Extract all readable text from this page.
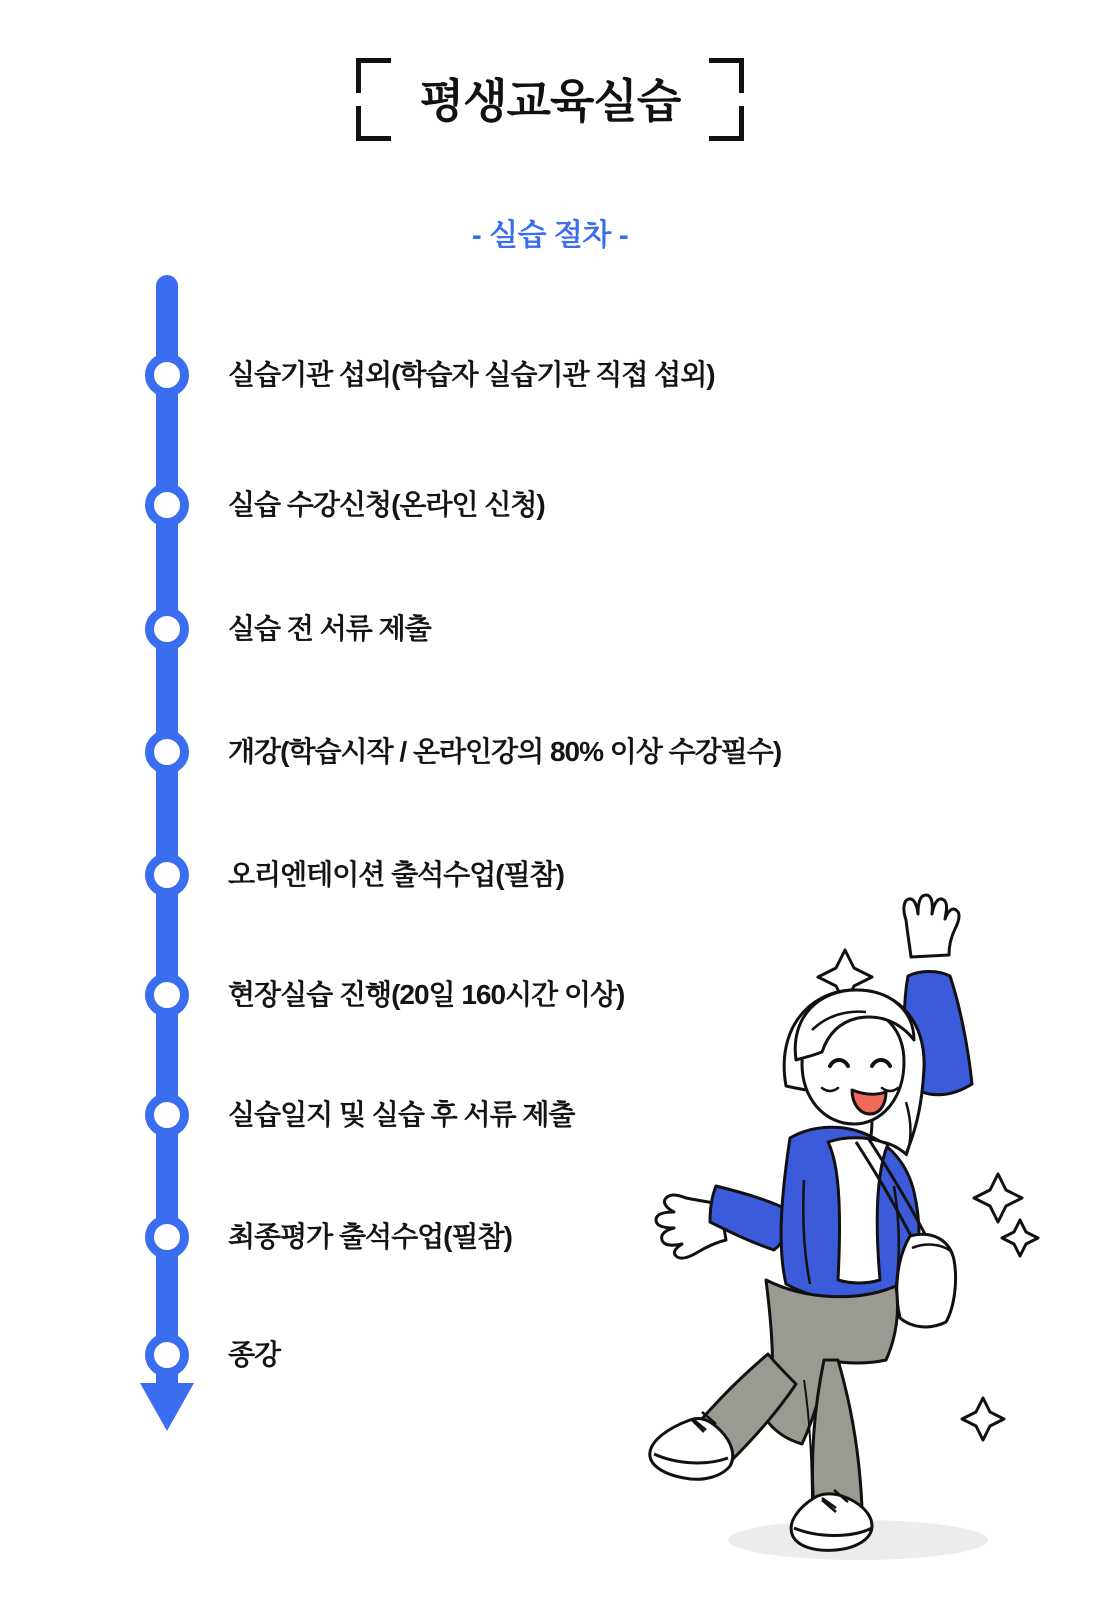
평생교육실습
- 실습 절차 -
실습기관 섭외(학습자 실습기관 직접 섭외)
실습 수강신청(온라인 신청)
실습 전 서류 제출
개강(학습시작 / 온라인강의 80% 이상 수강필수)
오리엔테이션 출석수업(필참)
현장실습 진행(20일 160시간 이상)
실습일지 및 실습 후 서류 제출
최종평가 출석수업(필참)
종강
